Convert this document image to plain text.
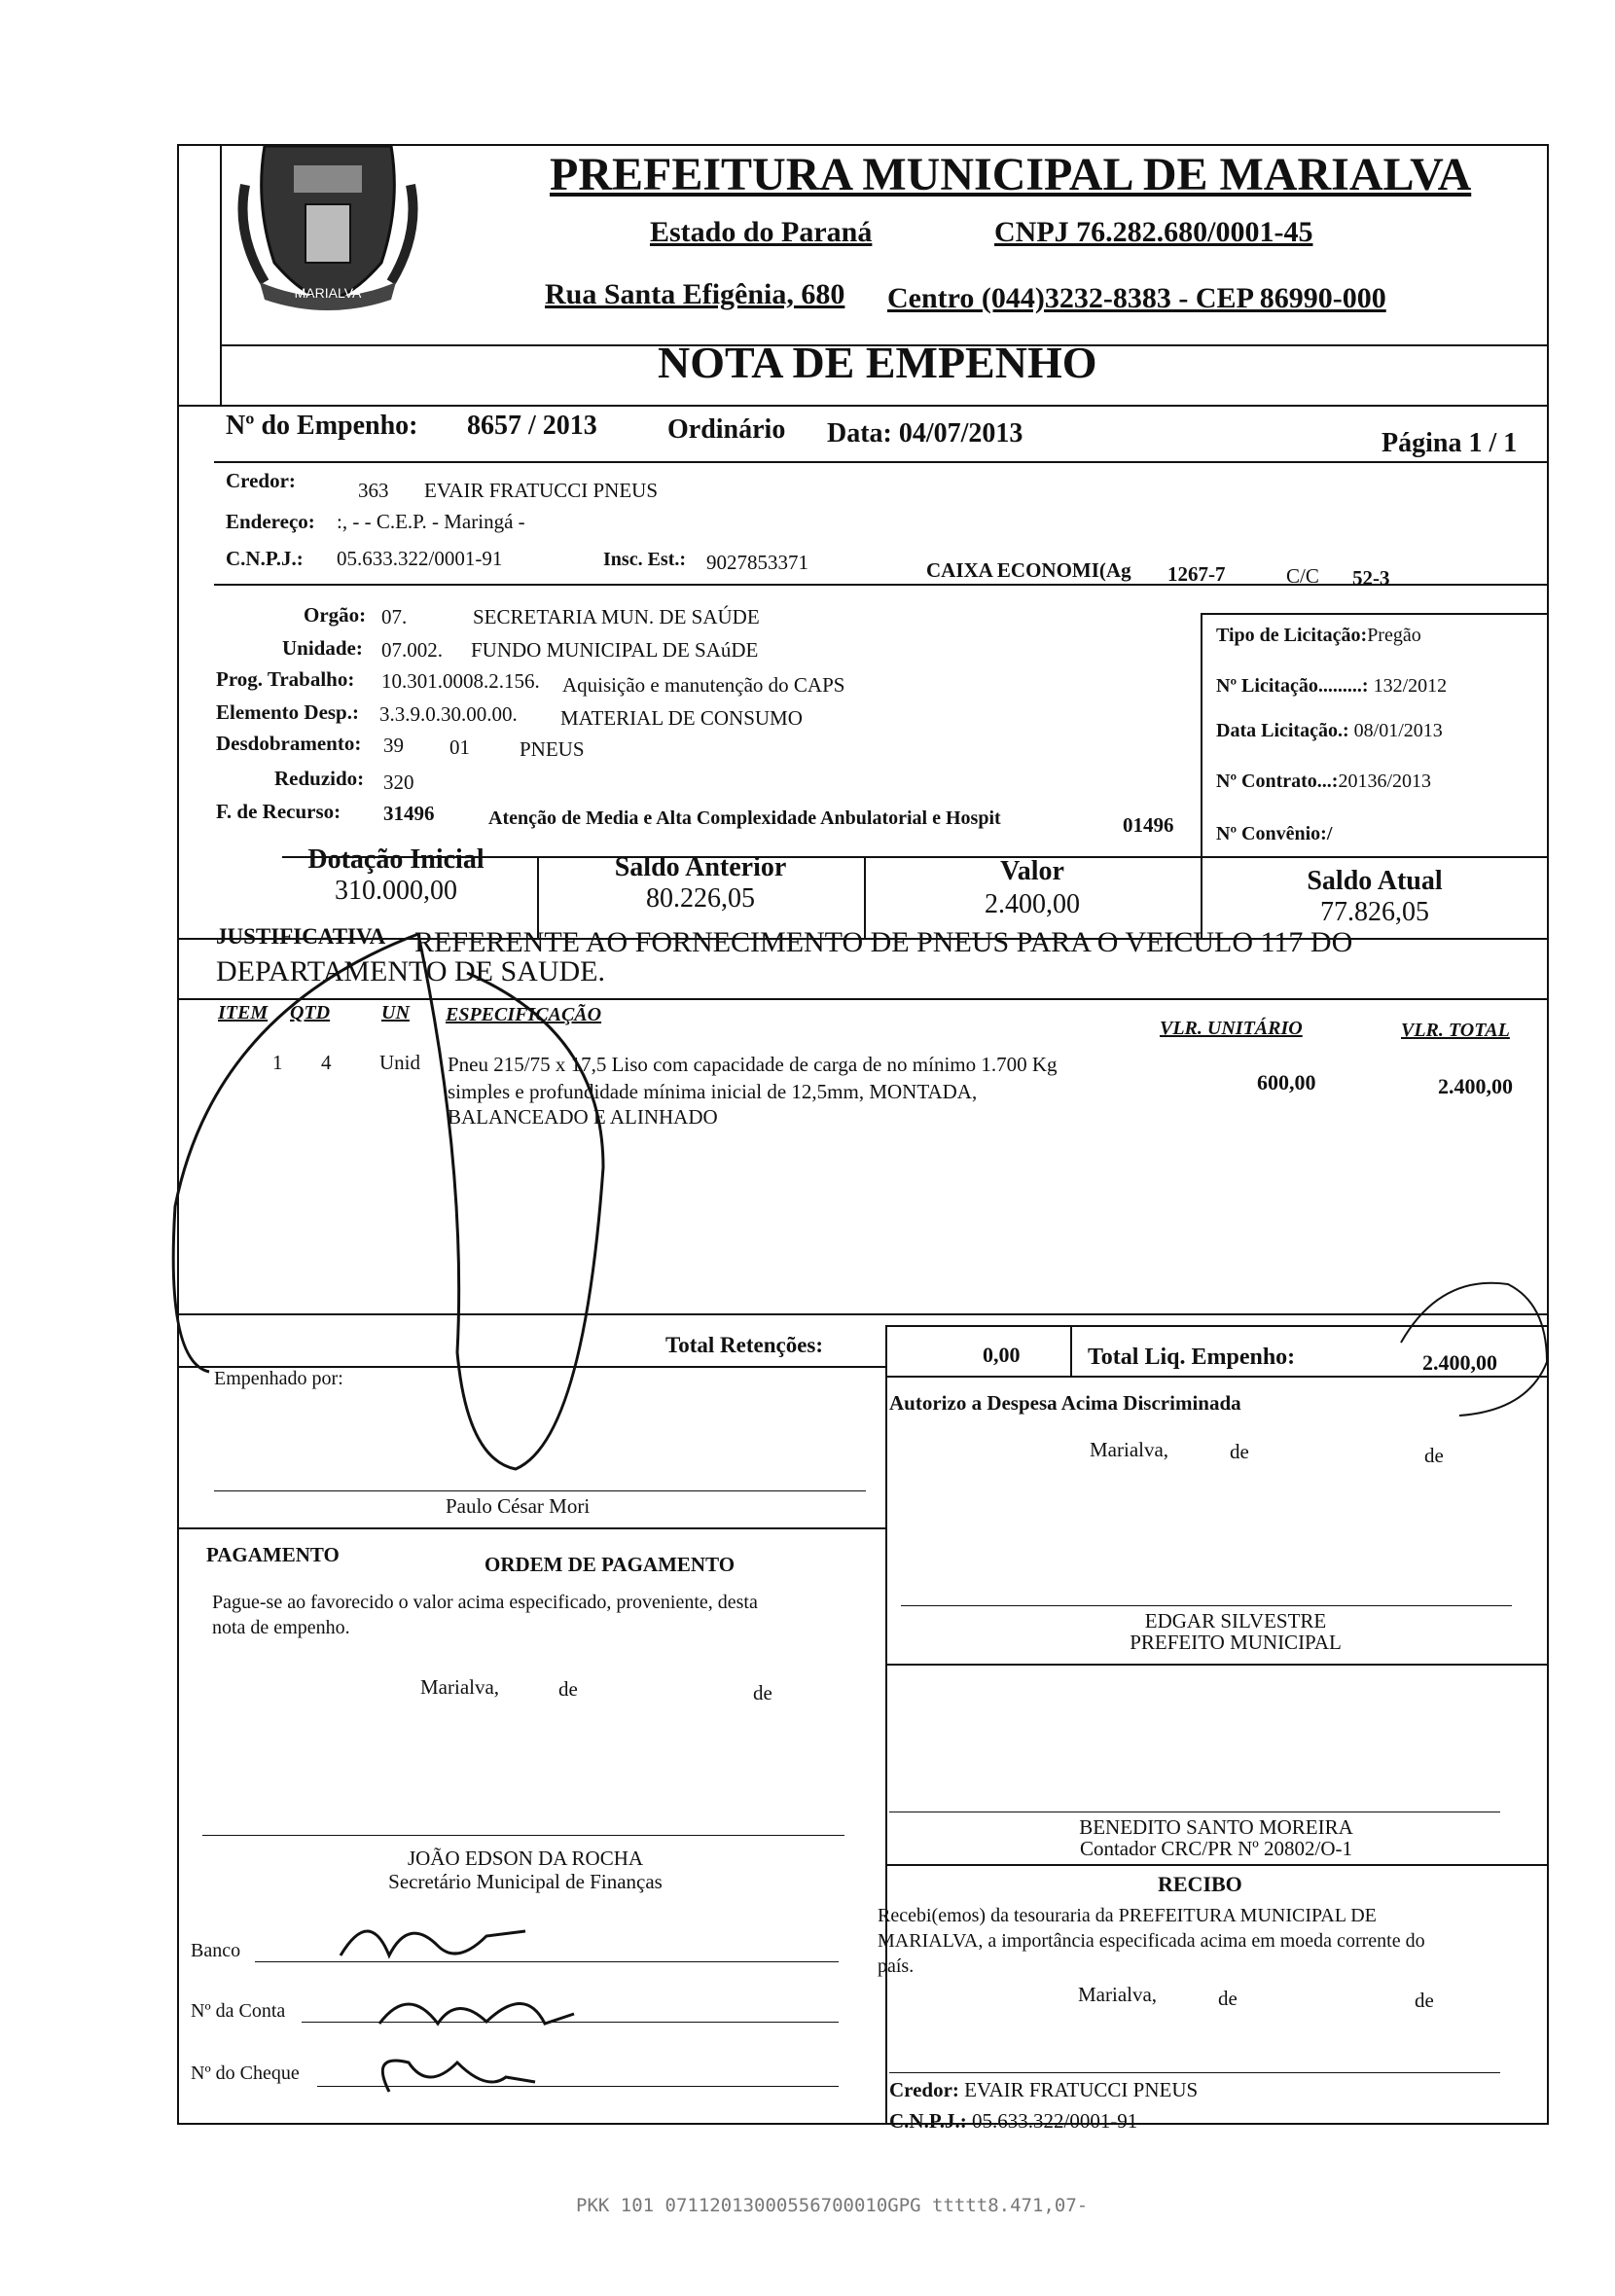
MARIALVA
PREFEITURA MUNICIPAL DE MARIALVA
Estado do Paraná	CNPJ 76.282.680/0001-45
Rua Santa Efigênia, 680 Centro (044)3232-8383 - CEP 86990-000
NOTA DE EMPENHO
Nº do Empenho: 8657 / 2013	Ordinário Data: 04/07/2013	Página 1 / 1
Credor:	363 EVAIR FRATUCCI PNEUS
Endereço: :, - - C.E.P. - Maringá -
C.N.P.J.: 05.633.322/0001-91	Insc. Est.: 9027853371	CAIXA ECONOMI(Ag 1267-7	C/C 52-3
Orgão: 07.	SECRETARIA MUN. DE SAÚDE
Unidade: 07.002. FUNDO MUNICIPAL DE SAúDE
Prog. Trabalho: 10.301.0008.2.156. Aquisição e manutenção do CAPS
Elemento Desp.: 3.3.9.0.30.00.00. MATERIAL DE CONSUMO
Desdobramento: 39 01 PNEUS
Reduzido: 320
F. de Recurso: 31496	Atenção de Media e Alta Complexidade Anbulatorial e Hospit	01496
Tipo de Licitação:Pregão
Nº Licitação.........: 132/2012
Data Licitação.: 08/01/2013
Nº Contrato...:20136/2013
Nº Convênio:/
Dotação Inicial
310.000,00
Saldo Anterior
80.226,05
Valor
2.400,00
Saldo Atual
77.826,05
JUSTIFICATIVA REFERENTE AO FORNECIMENTO DE PNEUS PARA O VEICULO 117 DO
DEPARTAMENTO DE SAUDE.
ITEM QTD	UN ESPECIFICAÇÃO
VLR. UNITÁRIO	VLR. TOTAL
1 4 Unid Pneu 215/75 x 17,5 Liso com capacidade de carga de no mínimo 1.700 Kg
simples e profundidade mínima inicial de 12,5mm, MONTADA,
BALANCEADO E ALINHADO
600,00	2.400,00
Total Retenções:	0,00	Total Liq. Empenho:	2.400,00
Empenhado por:
Paulo César Mori
Autorizo a Despesa Acima Discriminada
Marialva,	de	de
PAGAMENTO	ORDEM DE PAGAMENTO
Pague-se ao favorecido o valor acima especificado, proveniente, desta
nota de empenho.
Marialva,	de	de
EDGAR SILVESTRE
PREFEITO MUNICIPAL
BENEDITO SANTO MOREIRA
Contador CRC/PR Nº 20802/O-1
JOÃO EDSON DA ROCHA
Secretário Municipal de Finanças	RECIBO
Recebi(emos) da tesouraria da PREFEITURA MUNICIPAL DE
MARIALVA, a importância especificada acima em moeda corrente do
país.
Marialva,	de	de
Credor: EVAIR FRATUCCI PNEUS
C.N.P.J.: 05.633.322/0001-91
Banco
Nº da Conta
Nº do Cheque
PKK 101 07112013000556700010GPG ttttt8.471,07-
